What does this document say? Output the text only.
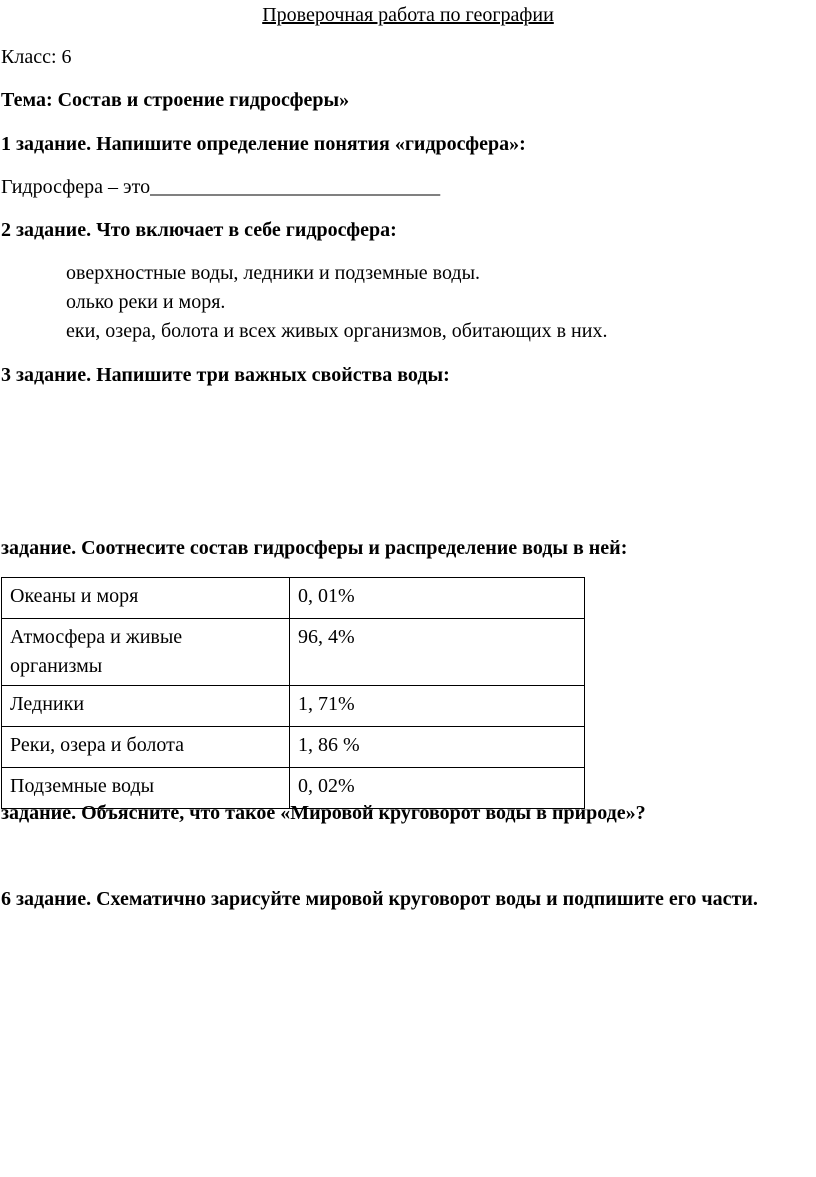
Проверочная работа по географии
Класс: 6
Тема: Состав и строение гидросферы»
1 задание. Напишите определение понятия «гидросфера»:
Гидросфера – это_____________________________
2 задание. Что включает в себе гидросфера:
оверхностные воды, ледники и подземные воды.
олько реки и моря.
еки, озера, болота и всех живых организмов, обитающих в них.
3 задание. Напишите три важных свойства воды:
задание. Соотнесите состав гидросферы и распределение воды в ней:
Океаны и моря	0, 01%

Атмосфера и живые организмы	96, 4%
Ледники	1, 71%
Реки, озера и болота	1, 86 %
Подземные воды	0, 02%
задание. Объясните, что такое «Мировой круговорот воды в природе»?
6 задание. Схематично зарисуйте мировой круговорот воды и подпишите его части.
